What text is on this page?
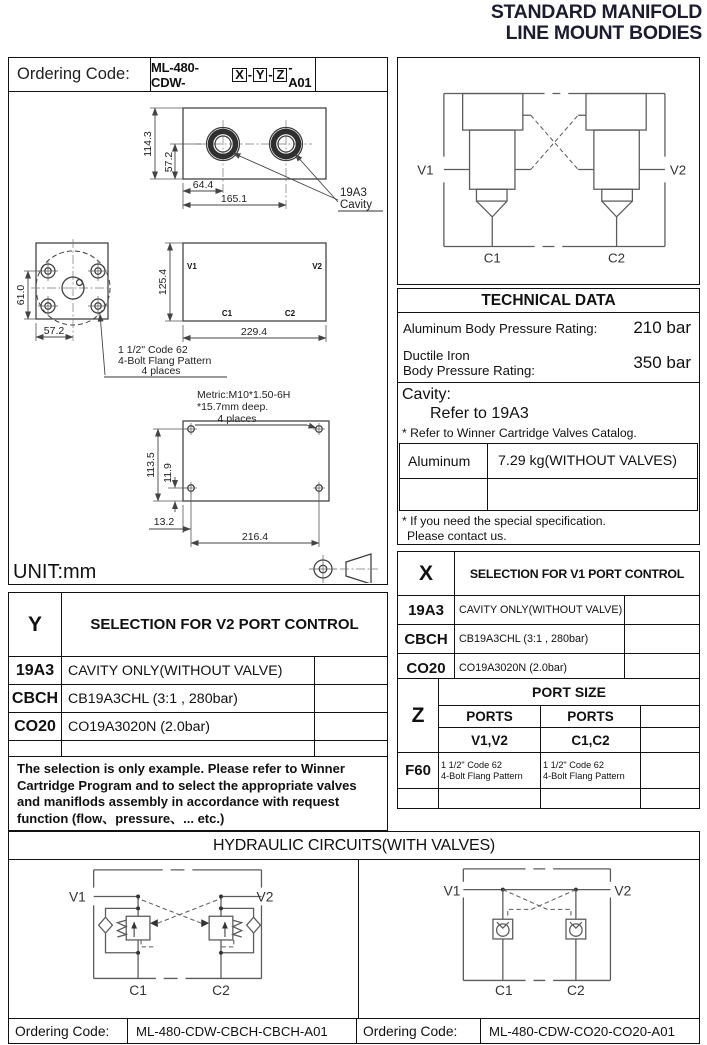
STANDARD MANIFOLD
LINE MOUNT BODIES
Ordering Code:	ML-480-CDW-
X - Y - Z -A01
114.3
57.2
64.4
165.1	19A3
Cavity
61.0
57.2
1 1/2" Code 62
4-Bolt Flang Pattern
4 places
Metric:M10*1.50-6H
*15.7mm deep.
4 places
V1	V2
C1	C2
125.4
229.4
113.5 11.9
13.2
216.4
UNIT:mm
V1	V2
C1	C2
TECHNICAL DATA
Aluminum Body Pressure Rating: 210 bar
Ductile Iron
Body Pressure Rating:	350 bar
Cavity:
Refer to 19A3
* Refer to Winner Cartridge Valves Catalog.
Aluminum	7.29 kg(WITHOUT VALVES)
* If you need the special specification.
Please contact us.
X	SELECTION FOR V1 PORT CONTROL
19A3	CAVITY ONLY(WITHOUT VALVE)
CBCH	CB19A3CHL (3:1 , 280bar)
CO20	CO19A3020N (2.0bar)
Z
PORT SIZE
PORTS	PORTS
V1,V2	C1,C2
F60	1 1/2" Code 62
4-Bolt Flang Pattern
1 1/2" Code 62
4-Bolt Flang Pattern
Y	SELECTION FOR V2 PORT CONTROL
19A3 CAVITY ONLY(WITHOUT VALVE)
CBCH CB19A3CHL (3:1 , 280bar)
CO20 CO19A3020N (2.0bar)
The selection is only example. Please refer to Winner Cartridge Program and to select the appropriate valves and maniflods assembly in accordance with request function (flow、pressure、... etc.)
HYDRAULIC CIRCUITS(WITH VALVES)
V1	V2
C1	C2
V1	V2
C1	C2
Ordering Code:	ML-480-CDW-CBCH-CBCH-A01	Ordering Code:	ML-480-CDW-CO20-CO20-A01
